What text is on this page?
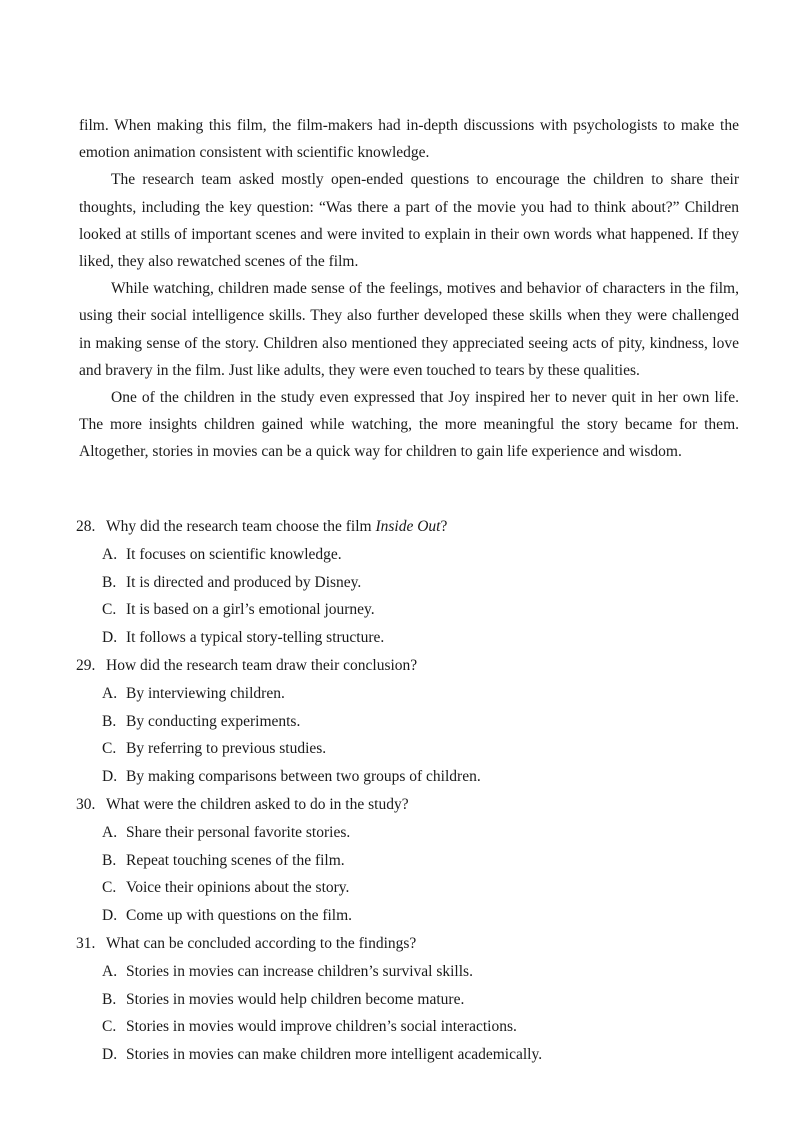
film. When making this film, the film-makers had in-depth discussions with psychologists to make the emotion animation consistent with scientific knowledge.

The research team asked mostly open-ended questions to encourage the children to share their thoughts, including the key question: “Was there a part of the movie you had to think about?” Children looked at stills of important scenes and were invited to explain in their own words what happened. If they liked, they also rewatched scenes of the film.

While watching, children made sense of the feelings, motives and behavior of characters in the film, using their social intelligence skills. They also further developed these skills when they were challenged in making sense of the story. Children also mentioned they appreciated seeing acts of pity, kindness, love and bravery in the film. Just like adults, they were even touched to tears by these qualities.

One of the children in the study even expressed that Joy inspired her to never quit in her own life. The more insights children gained while watching, the more meaningful the story became for them. Altogether, stories in movies can be a quick way for children to gain life experience and wisdom.

28. Why did the research team choose the film Inside Out?
A. It focuses on scientific knowledge.
B. It is directed and produced by Disney.
C. It is based on a girl’s emotional journey.
D. It follows a typical story-telling structure.
29. How did the research team draw their conclusion?
A. By interviewing children.
B. By conducting experiments.
C. By referring to previous studies.
D. By making comparisons between two groups of children.
30. What were the children asked to do in the study?
A. Share their personal favorite stories.
B. Repeat touching scenes of the film.
C. Voice their opinions about the story.
D. Come up with questions on the film.
31. What can be concluded according to the findings?
A. Stories in movies can increase children’s survival skills.
B. Stories in movies would help children become mature.
C. Stories in movies would improve children’s social interactions.
D. Stories in movies can make children more intelligent academically.
